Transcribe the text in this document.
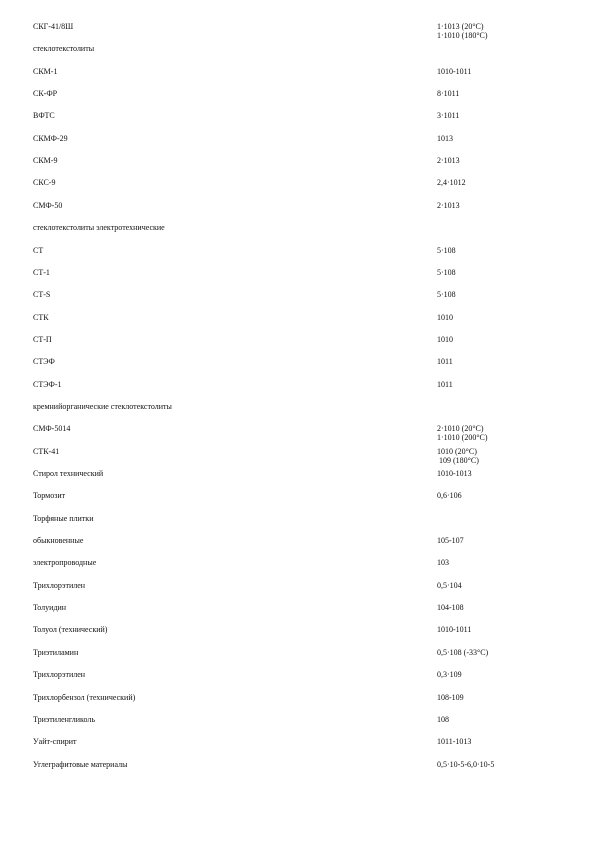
СКГ-41/8Ш	1·1013 (20°С)
1·1010 (180°С)
стеклотекстолиты
СКМ-1	1010-1011
СК-ФР	8·1011
ВФТС	3·1011
СКМФ-29	1013
СКМ-9	2·1013
СКС-9	2,4·1012
СМФ-50	2·1013
стеклотекстолиты электротехнические
СТ	5·108
СТ-1	5·108
СТ-S	5·108
СТК	1010
СТ-П	1010
СТЭФ	1011
СТЭФ-1	1011
кремнийорганические стеклотекстолиты
СМФ-5014	2·1010 (20°С)
1·1010 (200°С)
СТК-41	1010 (20°С)
109 (180°С)
Стирол технический	1010-1013
Тормозит	0,6·106
Торфяные плитки
обыкновенные	105-107
электропроводные	103
Трихлорэтилен	0,5·104
Толуидин	104-108
Толуол (технический)	1010-1011
Триэтиламин	0,5·108 (-33°С)
Трихлорэтилен	0,3·109
Трихлорбензол (технический)	108-109
Триэтиленгликоль	108
Уайт-спирит	1011-1013
Углеграфитовые материалы	0,5·10-5-6,0·10-5
